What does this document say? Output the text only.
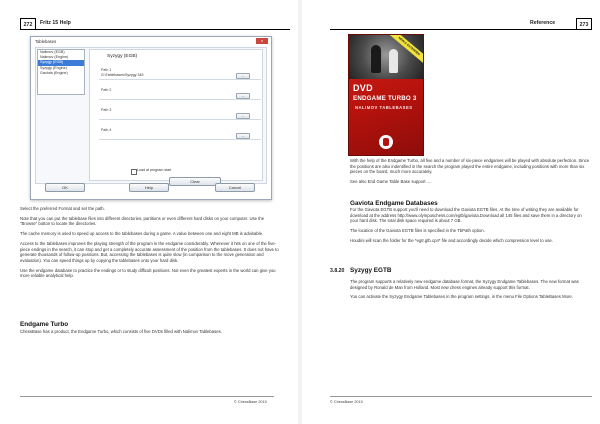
272	Fritz 15 Help
Tablebases	x
Nalimov (EGB)
Nalimov (Engine)
Syzygy (EGB)
Syzygy (Engine)
Gaviota (Engine)
Syzygy (EGB)
Path 1
G:\Tablebases\Syzygy 345	...
Path 2
...
Path 3
...
Path 4
...
Load at program start
Clear
OK	Help	Cancel

Select the preferred Format and set the path.

Note that you can put the tablebase files into different directories, partitions or even different hard disks on your computer. Use the "Browse" button to locate the directories.

The cache memory is used to speed up access to the tablebases during a game. A value between one and eight MB is advisable.

Access to the tablebases improves the playing strength of the program in the endgame considerably. Whenever it hits on one of the five-piece endings in the search, it can stop and get a completely accurate assessment of the position from the tablebases. It does not have to generate thousands of follow-up positions. But, accessing the tablebases is quite slow (in comparison to the move generation and evaluation). You can speed things up by copying the tablebases onto your hard disk.

Use the endgame database to practice the endings or to study difficult positions. Not even the greatest experts in the world can give you more reliable analytical help.

Endgame Turbo
ChessBase has a product, the Endgame Turbo, which consists of five DVDs filled with Nalimov Tablebases.
© ChessBase 2015
Reference	273
NEW & EXTENDED
DVD
ENDGAME TURBO 3
NALIMOV TABLEBASES

With the help of the Endgame Turbo, all five and a number of six-piece endgames will be played with absolute perfection. Since the positions are also indentified in the search the program played the entire endgame, including positions with more than six pieces on the board, much more accurately.

See also End Game Table Base support ....

Gaviota Endgame Databases

For the Gaviota EGTB support you'll need to download the Gaviota EGTB files. At the time of writing they are available for download at the address http://www.olympuschess.com/egtb/gaviota.Download all 145 files and save them in a directory on your hard disk. The total disk space required is about 7 GB.

The location of the Gaviota EGTB files is specified in the TbPath option.

Houdini will scan the folder for the *egtr.gtb.cp4* file and accordingly decide which compression level to use.

3.8.20 Syzygy EGTB

The program supports a relatively new endgame database format, the Syzygy Endgame Tablebases. The new format was designed by Ronald de Man from Holland. Most new chess engines already support this format.

You can activate the Syzygy Endgame Tablebases in the program settings, in the menu File Options TableBases More.

© ChessBase 2015
